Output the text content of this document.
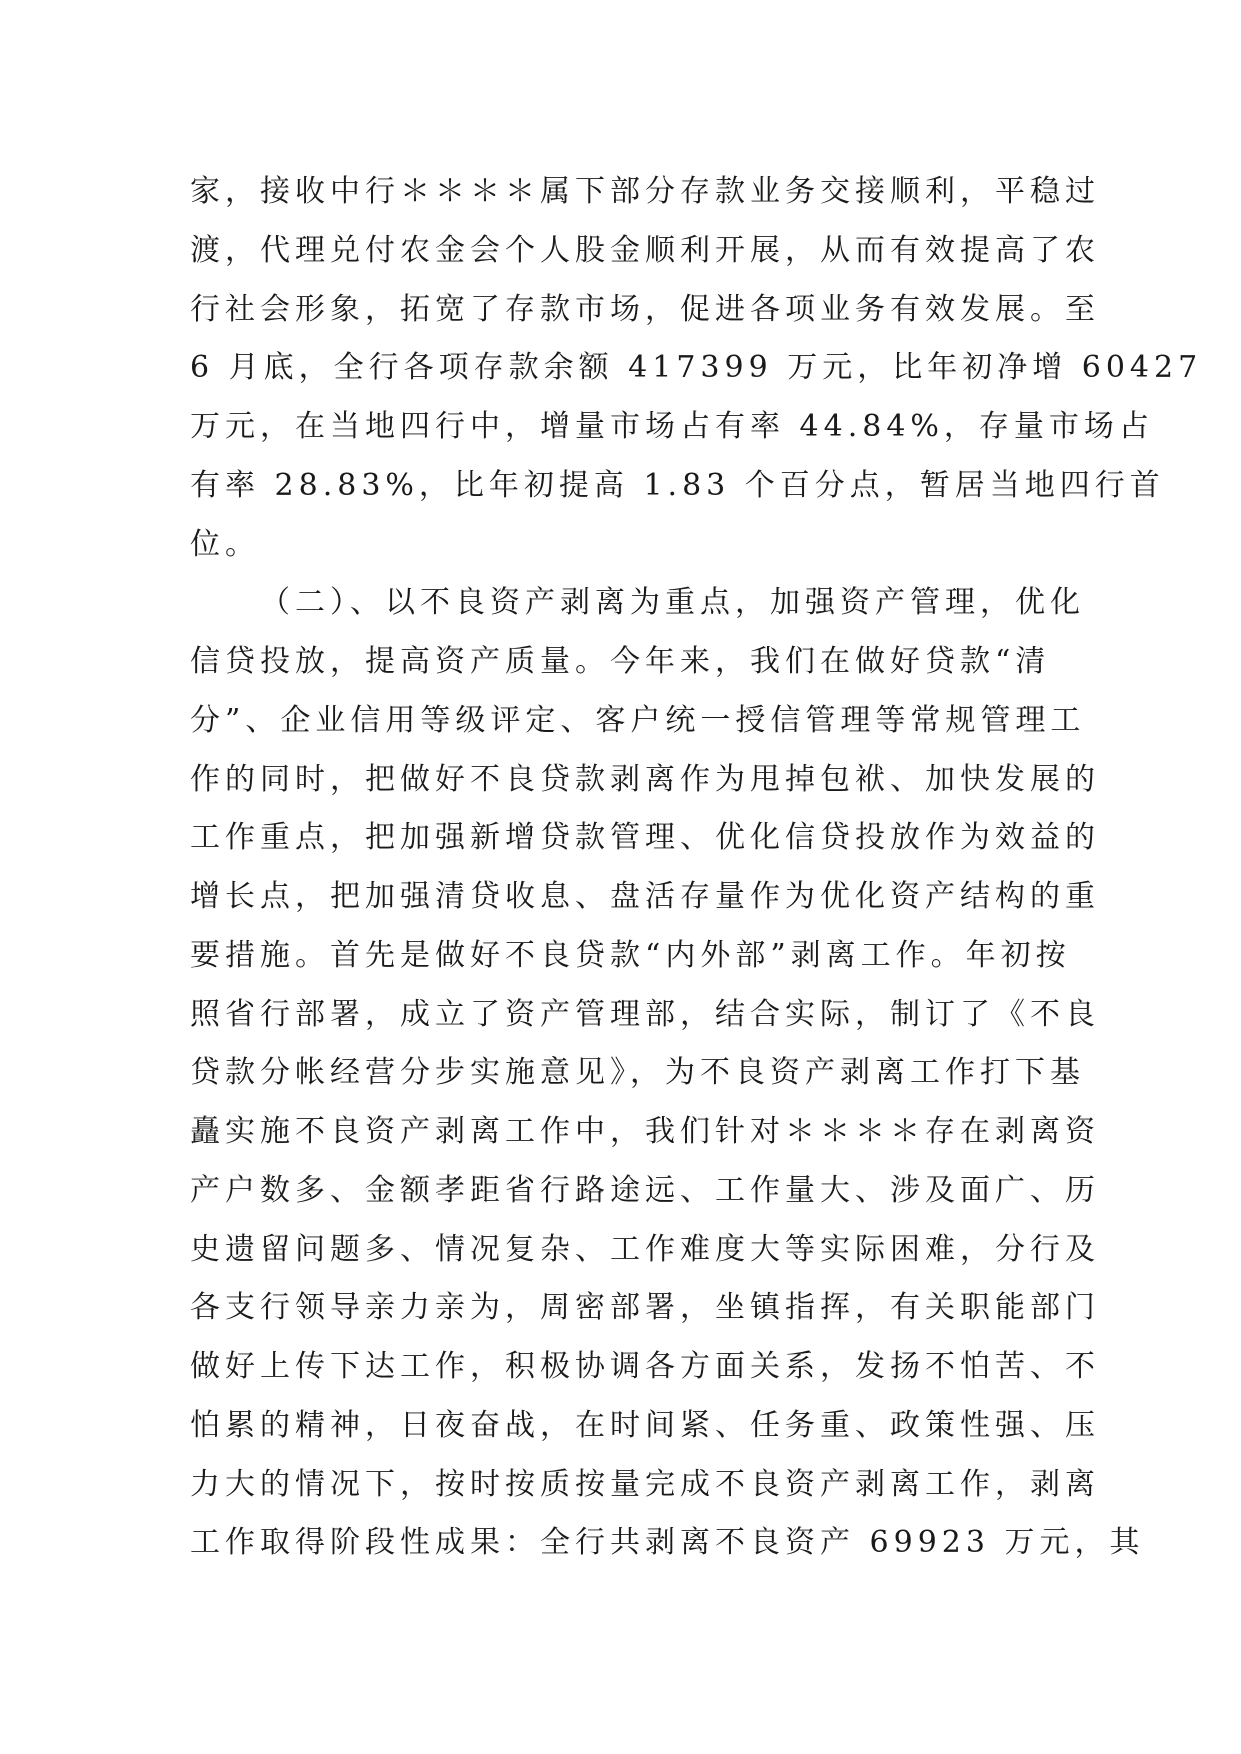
家，接收中行＊＊＊＊属下部分存款业务交接顺利，平稳过
渡，代理兑付农金会个人股金顺利开展，从而有效提高了农
行社会形象，拓宽了存款市场，促进各项业务有效发展。至
6 月底，全行各项存款余额 417399 万元，比年初净增 60427
万元，在当地四行中，增量市场占有率 44.84%，存量市场占
有率 28.83%，比年初提高 1.83 个百分点，暂居当地四行首
位。
（二）、以不良资产剥离为重点，加强资产管理，优化
信贷投放，提高资产质量。今年来，我们在做好贷款“清
分”、企业信用等级评定、客户统一授信管理等常规管理工
作的同时，把做好不良贷款剥离作为甩掉包袱、加快发展的
工作重点，把加强新增贷款管理、优化信贷投放作为效益的
增长点，把加强清贷收息、盘活存量作为优化资产结构的重
要措施。首先是做好不良贷款“内外部”剥离工作。年初按
照省行部署，成立了资产管理部，结合实际，制订了《不良
贷款分帐经营分步实施意见》，为不良资产剥离工作打下基
矗实施不良资产剥离工作中，我们针对＊＊＊＊存在剥离资
产户数多、金额孝距省行路途远、工作量大、涉及面广、历
史遗留问题多、情况复杂、工作难度大等实际困难，分行及
各支行领导亲力亲为，周密部署，坐镇指挥，有关职能部门
做好上传下达工作，积极协调各方面关系，发扬不怕苦、不
怕累的精神，日夜奋战，在时间紧、任务重、政策性强、压
力大的情况下，按时按质按量完成不良资产剥离工作，剥离
工作取得阶段性成果：全行共剥离不良资产 69923 万元，其
